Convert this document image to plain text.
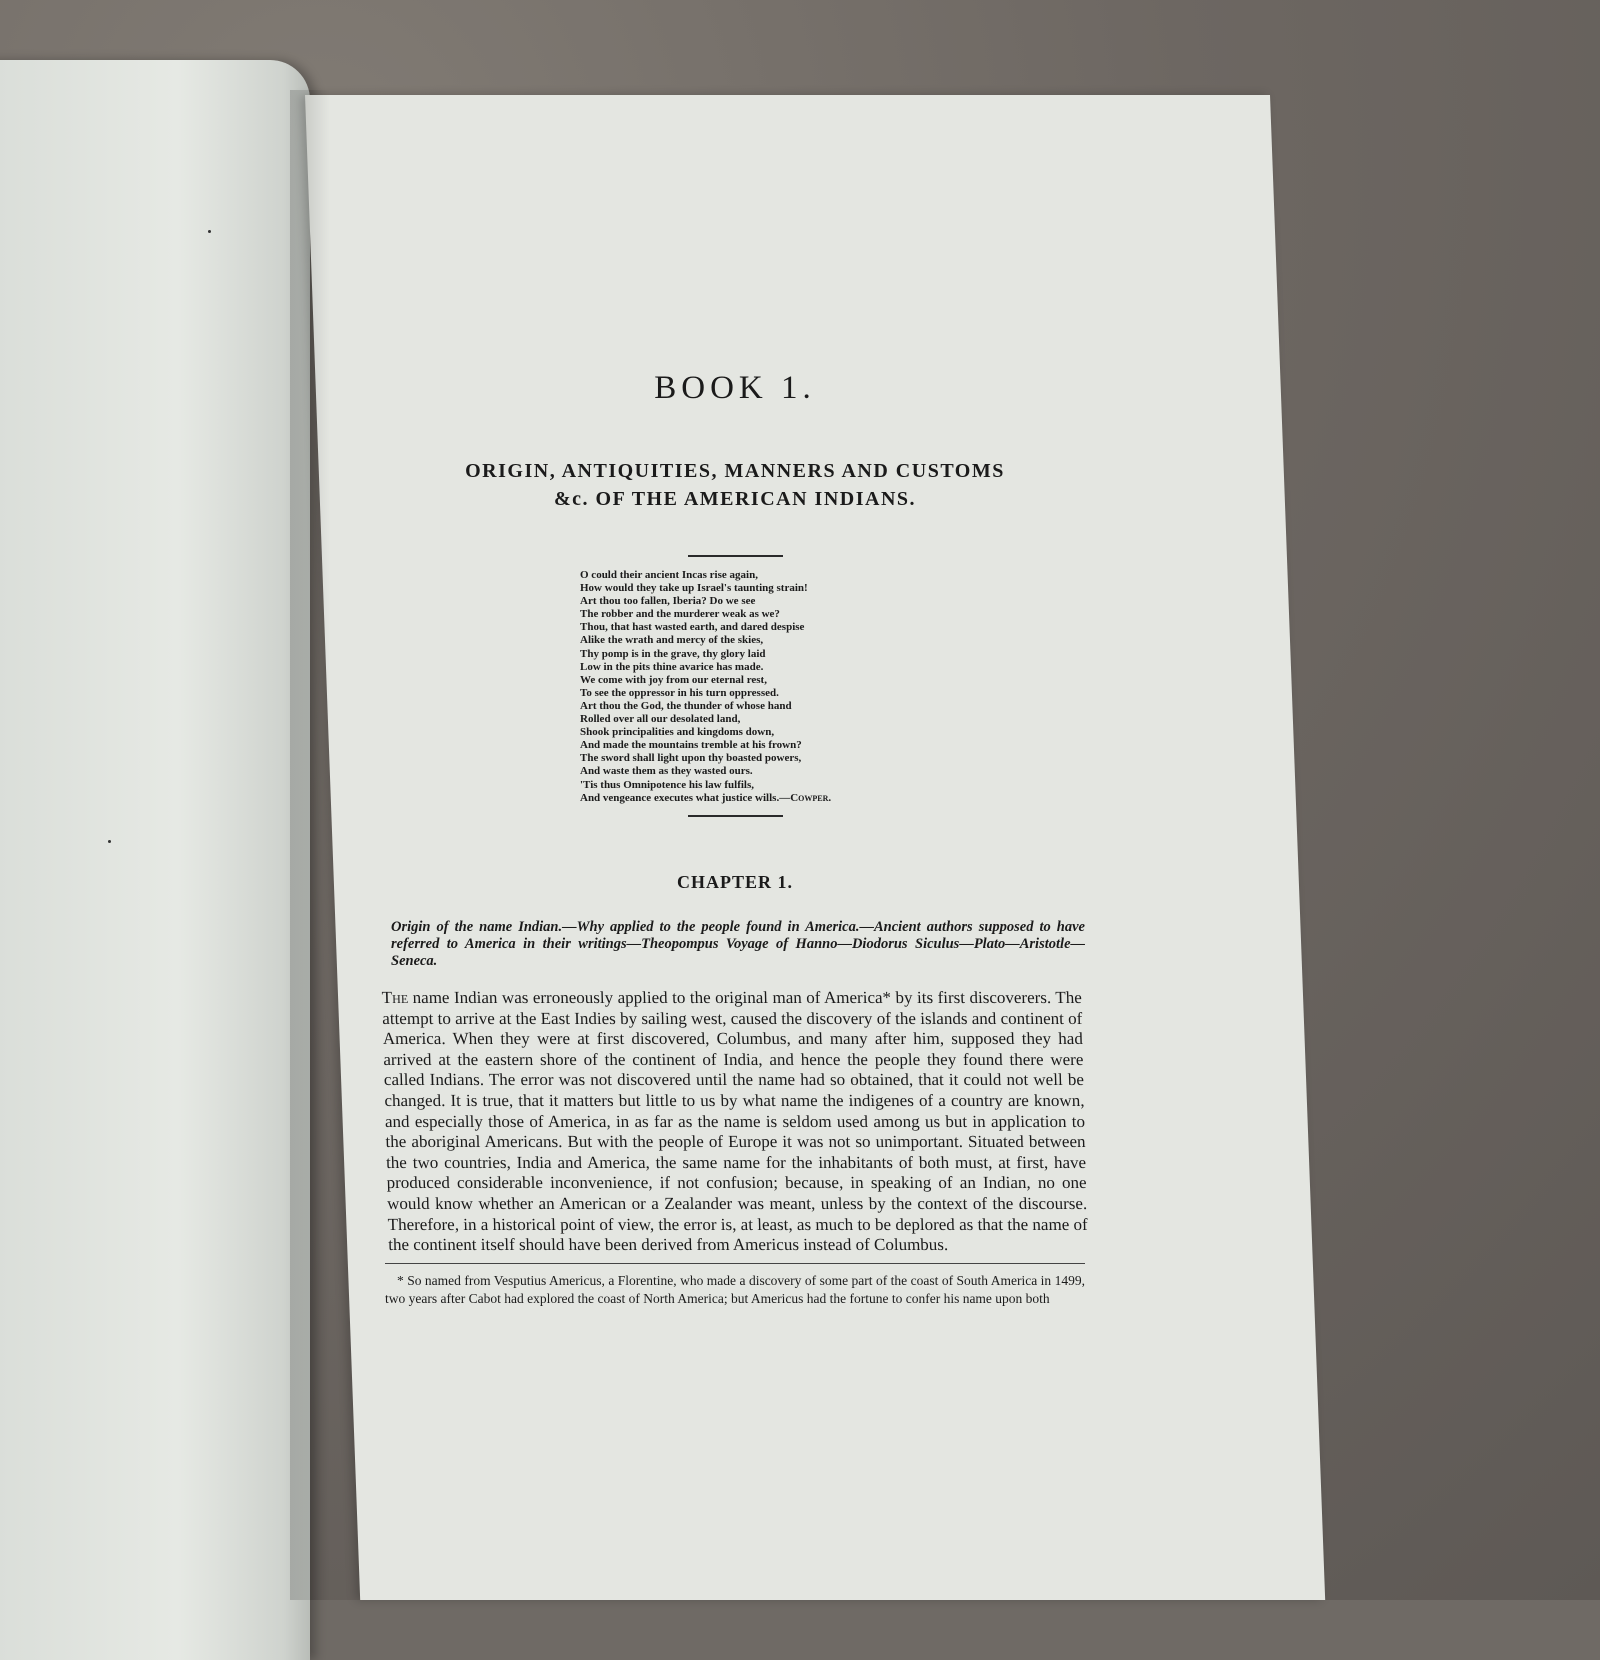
BOOK 1.
ORIGIN, ANTIQUITIES, MANNERS AND CUSTOMS
&c. OF THE AMERICAN INDIANS.
O could their ancient Incas rise again,
How would they take up Israel's taunting strain!
Art thou too fallen, Iberia? Do we see
The robber and the murderer weak as we?
Thou, that hast wasted earth, and dared despise
Alike the wrath and mercy of the skies,
Thy pomp is in the grave, thy glory laid
Low in the pits thine avarice has made.
We come with joy from our eternal rest,
To see the oppressor in his turn oppressed.
Art thou the God, the thunder of whose hand
Rolled over all our desolated land,
Shook principalities and kingdoms down,
And made the mountains tremble at his frown?
The sword shall light upon thy boasted powers,
And waste them as they wasted ours.
'Tis thus Omnipotence his law fulfils,
And vengeance executes what justice wills.—Cowper.
CHAPTER 1.

Origin of the name Indian.—Why applied to the people found in America.—Ancient authors supposed to have referred to America in their writings—Theopompus Voyage of Hanno—Diodorus Siculus—Plato—Aristotle—Seneca.

The name Indian was erroneously applied to the original man of America* by its first discoverers. The attempt to arrive at the East Indies by sailing west, caused the discovery of the islands and continent of America. When they were at first discovered, Columbus, and many after him, supposed they had arrived at the eastern shore of the continent of India, and hence the people they found there were called Indians. The error was not discovered until the name had so obtained, that it could not well be changed. It is true, that it matters but little to us by what name the indigenes of a country are known, and especially those of America, in as far as the name is seldom used among us but in application to the aboriginal Americans. But with the people of Europe it was not so unimportant. Situated between the two countries, India and America, the same name for the inhabitants of both must, at first, have produced considerable inconvenience, if not confusion; because, in speaking of an Indian, no one would know whether an American or a Zealander was meant, unless by the context of the discourse. Therefore, in a historical point of view, the error is, at least, as much to be deplored as that the name of the continent itself should have been derived from Americus instead of Columbus.

* So named from Vesputius Americus, a Florentine, who made a discovery of some part of the coast of South America in 1499, two years after Cabot had explored the coast of North America; but Americus had the fortune to confer his name upon both
